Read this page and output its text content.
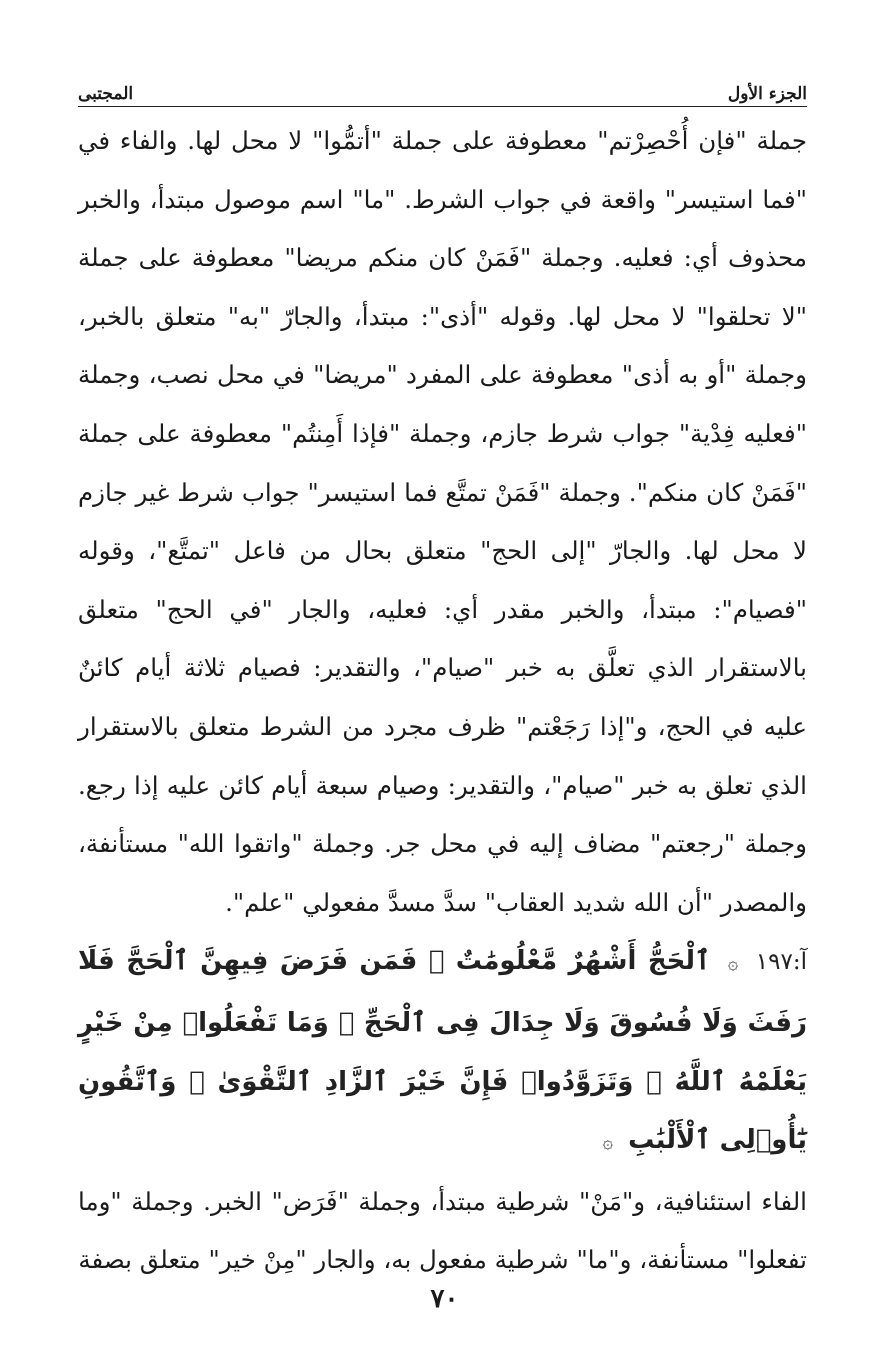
الجزء الأول
المجتبى

جملة "فإن أُحْصِرْتم" معطوفة على جملة "أتمُّوا" لا محل لها. والفاء في "فما استيسر" واقعة في جواب الشرط. "ما" اسم موصول مبتدأ، والخبر محذوف أي: فعليه. وجملة "فَمَنْ كان منكم مريضا" معطوفة على جملة "لا تحلقوا" لا محل لها. وقوله "أذى": مبتدأ، والجارّ "به" متعلق بالخبر، وجملة "أو به أذى" معطوفة على المفرد "مريضا" في محل نصب، وجملة "فعليه فِدْية" جواب شرط جازم، وجملة "فإذا أَمِنتُم" معطوفة على جملة "فَمَنْ كان منكم". وجملة "فَمَنْ تمتَّع فما استيسر" جواب شرط غير جازم لا محل لها. والجارّ "إلى الحج" متعلق بحال من فاعل "تمتَّع"، وقوله "فصيام": مبتدأ، والخبر مقدر أي: فعليه، والجار "في الحج" متعلق بالاستقرار الذي تعلَّق به خبر "صيام"، والتقدير: فصيام ثلاثة أيام كائنٌ عليه في الحج، و"إذا رَجَعْتم" ظرف مجرد من الشرط متعلق بالاستقرار الذي تعلق به خبر "صيام"، والتقدير: وصيام سبعة أيام كائن عليه إذا رجع. وجملة "رجعتم" مضاف إليه في محل جر. وجملة "واتقوا الله" مستأنفة، والمصدر "أن الله شديد العقاب" سدَّ مسدَّ مفعولي "علم".

آ:١٩٧ ۞ ٱلْحَجُّ أَشْهُرٌ مَّعْلُومَٰتٌ ۚ فَمَن فَرَضَ فِيهِنَّ ٱلْحَجَّ فَلَا رَفَثَ وَلَا فُسُوقَ وَلَا جِدَالَ فِى ٱلْحَجِّ ۗ وَمَا تَفْعَلُوا۟ مِنْ خَيْرٍ يَعْلَمْهُ ٱللَّهُ ۗ وَتَزَوَّدُوا۟ فَإِنَّ خَيْرَ ٱلزَّادِ ٱلتَّقْوَىٰ ۚ وَٱتَّقُونِ يَٰٓأُو۟لِى ٱلْأَلْبَٰبِ ۞

الفاء استئنافية، و"مَنْ" شرطية مبتدأ، وجملة "فَرَض" الخبر. وجملة "وما تفعلوا" مستأنفة، و"ما" شرطية مفعول به، والجار "مِنْ خير" متعلق بصفة

٧٠
